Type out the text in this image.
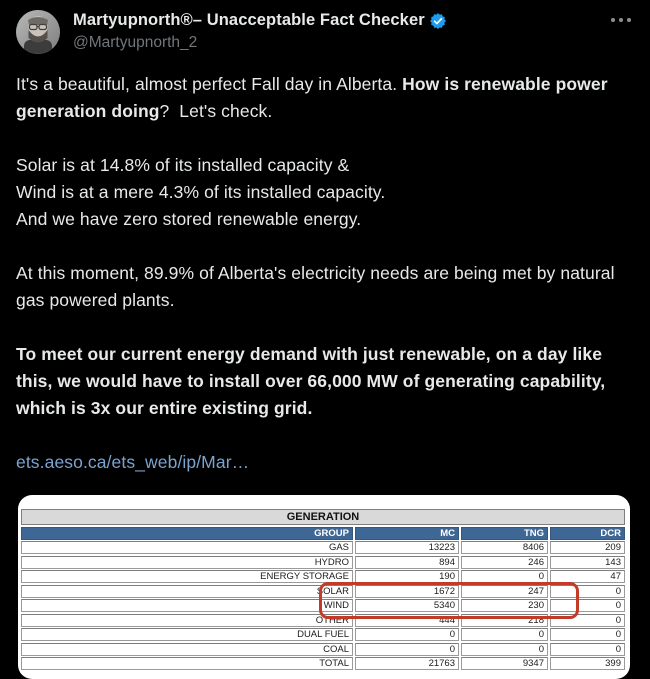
Martyupnorth®– Unacceptable Fact Checker
@Martyupnorth_2
It's a beautiful, almost perfect Fall day in Alberta. How is renewable power generation doing?  Let's check.
Solar is at 14.8% of its installed capacity &
Wind is at a mere 4.3% of its installed capacity.
And we have zero stored renewable energy.
At this moment, 89.9% of Alberta's electricity needs are being met by natural gas powered plants.
To meet our current energy demand with just renewable, on a day like this, we would have to install over 66,000 MW of generating capability, which is 3x our entire existing grid.
ets.aeso.ca/ets_web/ip/Mar…
GENERATION
GROUP	MC	TNG	DCR
GAS	13223	8406	209
HYDRO	894	246	143
ENERGY STORAGE	190	0	47
SOLAR	1672	247	0
WIND	5340	230	0
OTHER	444	218	0
DUAL FUEL	0	0	0
COAL	0	0	0
TOTAL	21763	9347	399
